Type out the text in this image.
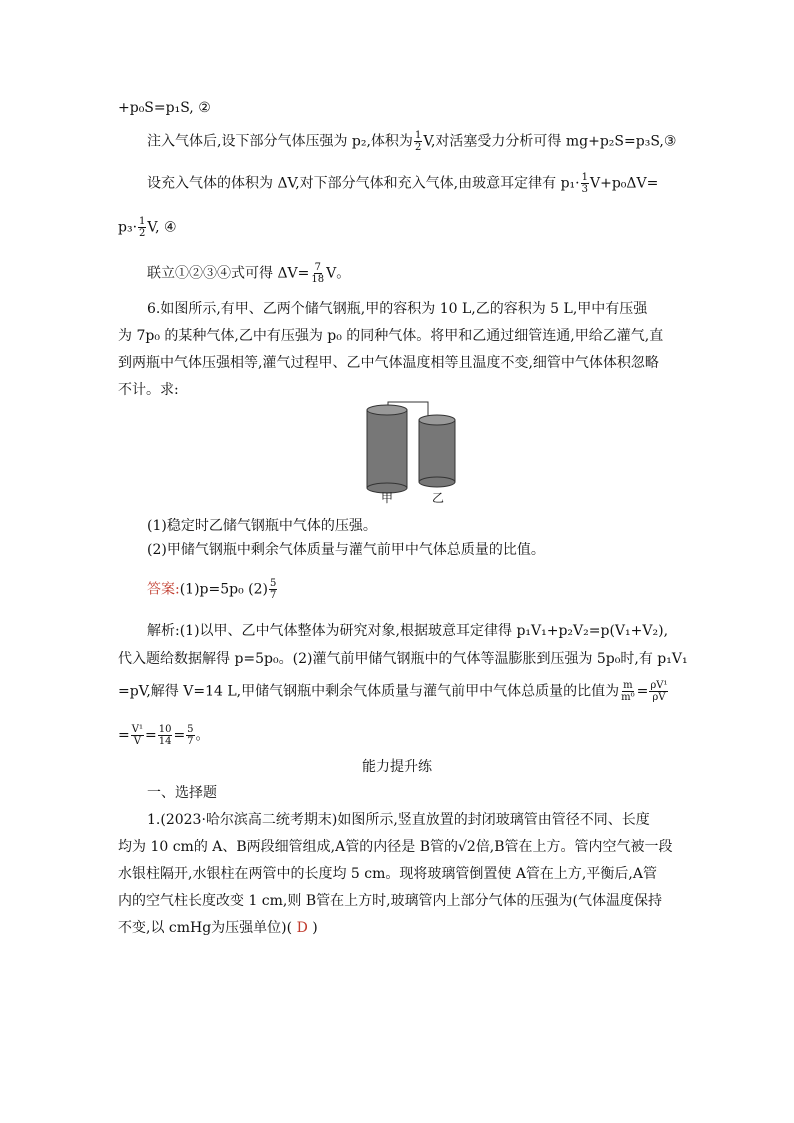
+p₀S=p₁S, ②
注入气体后,设下部分气体压强为 p₂,体积为 $\frac{1}{2} V$,对活塞受力分析可得 mg+p₂S=p₃S,③
设充入气体的体积为 ΔV,对下部分气体和充入气体,由玻意耳定律有 $p_1\cdot \frac{1}{3} V+p_0\Delta V=$
$p_3\cdot \frac{1}{2} V$, ④
联立①②③④式可得 $\Delta V= \frac{7}{18}$ V。
6.如图所示,有甲、乙两个储气钢瓶,甲的容积为 10 L,乙的容积为 5 L,甲中有压强
为 7p₀ 的某种气体,乙中有压强为 p₀ 的同种气体。将甲和乙通过细管连通,甲给乙灌气,直
到两瓶中气体压强相等,灌气过程甲、乙中气体温度相等且温度不变,细管中气体体积忽略
不计。求:
甲	乙
(1)稳定时乙储气钢瓶中气体的压强。
(2)甲储气钢瓶中剩余气体质量与灌气前甲中气体总质量的比值。
答案:(1)p=5p₀ $(2) \frac{5}{7}$
解析:(1)以甲、乙中气体整体为研究对象,根据玻意耳定律得 p₁V₁+p₂V₂=p(V₁+V₂),
代入题给数据解得 p=5p₀。(2)灌气前甲储气钢瓶中的气体等温膨胀到压强为 5p₀时,有 p₁V₁
=pV,解得 V=14 L,甲储气钢瓶中剩余气体质量与灌气前甲中气体总质量的比值为 $\frac{m}{\text{m⁰}} = \frac{\text{ρV¹}}{\rho V}$
= $\frac{\text{V¹}}{V} = \frac{10}{14} = \frac{5}{7}$ 。
能力提升练
一、选择题
1.(2023·哈尔滨高二统考期末)如图所示,竖直放置的封闭玻璃管由管径不同、长度
均为 10 cm的 A、B两段细管组成,A管的内径是 B管的√2倍,B管在上方。管内空气被一段
水银柱隔开,水银柱在两管中的长度均 5 cm。现将玻璃管倒置使 A管在上方,平衡后,A管
内的空气柱长度改变 1 cm,则 B管在上方时,玻璃管内上部分气体的压强为(气体温度保持
不变,以 cmHg为压强单位)( D )
